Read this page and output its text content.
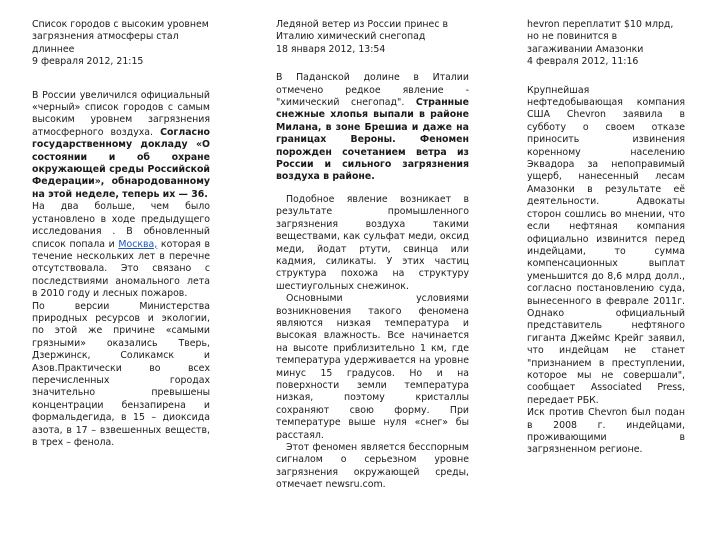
Список городов с высоким уровнем загрязнения атмосферы стал длиннее

9 февраля 2012, 21:15

В России увеличился официальный «черный» список городов с самым высоким уровнем загрязнения атмосферного воздуха. Согласно государственному докладу «О состоянии и об охране окружающей среды Российской Федерации», обнародованному на этой неделе, теперь их — 36.

На два больше, чем было установлено в ходе предыдущего исследования . В обновленный список попала и Москва, которая в течение нескольких лет в перечне отсутствовала. Это связано с последствиями аномального лета в 2010 году и лесных пожаров.

По версии Министерства природных ресурсов и экологии, по этой же причине «самыми грязными» оказались Тверь, Дзержинск, Соликамск и Азов.Практически во всех перечисленных городах значительно превышены концентрации бензапирена и формальдегида, в 15 – диоксида азота, в 17 – взвешенных веществ, в трех – фенола.

Ледяной ветер из России принес в Италию химический снегопад

18 января 2012, 13:54

В Паданской долине в Италии отмечено редкое явление - "химический снегопад". Странные снежные хлопья выпали в районе Милана, в зоне Брешиа и даже на границах Вероны. Феномен порожден сочетанием ветра из России и сильного загрязнения воздуха в районе.

Подобное явление возникает в результате промышленного загрязнения воздуха такими веществами, как сульфат меди, оксид меди, йодат ртути, свинца или кадмия, силикаты. У этих частиц структура похожа на структуру шестиугольных снежинок.

Основными условиями возникновения такого феномена являются низкая температура и высокая влажность. Все начинается на высоте приблизительно 1 км, где температура удерживается на уровне минус 15 градусов. Но и на поверхности земли температура низкая, поэтому кристаллы сохраняют свою форму. При температуре выше нуля «снег» бы расстаял.

Этот феномен является бесспорным сигналом о серьезном уровне загрязнения окружающей среды, отмечает newsru.com.

hevron переплатит $10 млрд, но не повинится в загаживании Амазонки

4 февраля 2012, 11:16

Крупнейшая нефтедобывающая компания США Chevron заявила в субботу о своем отказе приносить извинения коренному населению Эквадора за непоправимый ущерб, нанесенный лесам Амазонки в результате её деятельности. Адвокаты сторон сошлись во мнении, что если нефтяная компания официально извинится перед индейцами, то сумма компенсационных выплат уменьшится до 8,6 млрд долл., согласно постановлению суда, вынесенного в феврале 2011г. Однако официальный представитель нефтяного гиганта Джеймс Крейг заявил, что индейцам не станет "признанием в преступлении, которое мы не совершали", сообщает Associated Press, передает РБК.

Иск против Chevron был подан в 2008 г. индейцами, проживающими в загрязненном регионе.
